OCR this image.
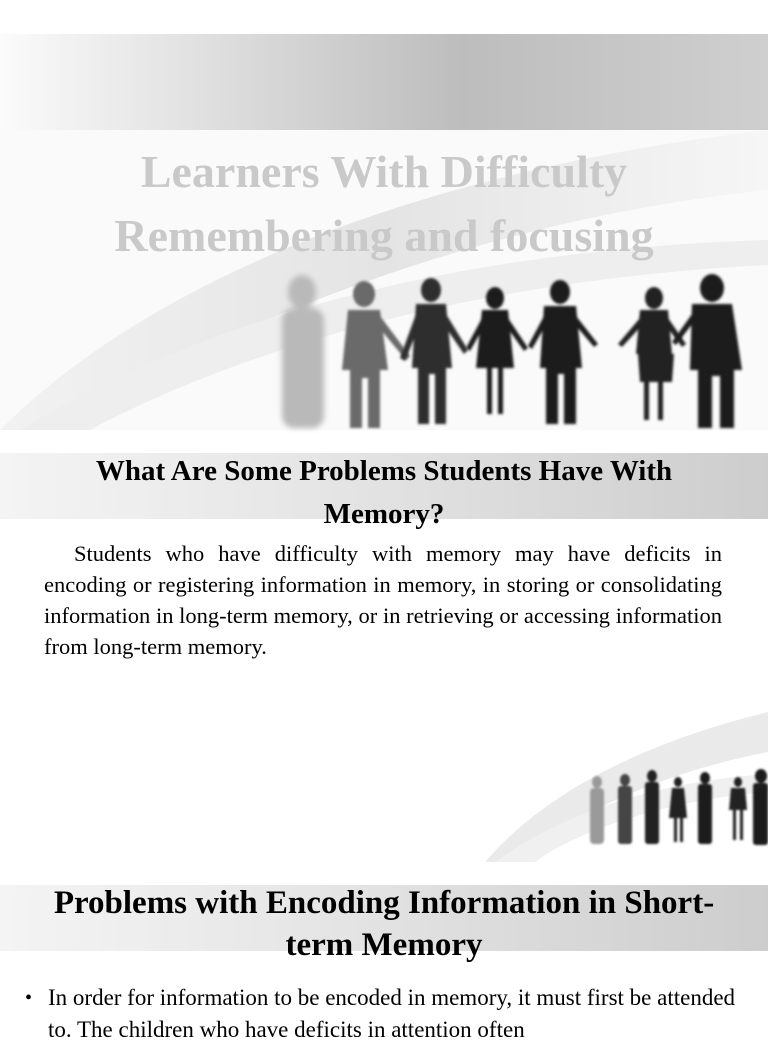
Learners With Difficulty
Remembering and focusing
What Are Some Problems Students Have With Memory?
Students who have difficulty with memory may have deficits in encoding or registering information in memory, in storing or consolidating information in long-term memory, or in retrieving or accessing information from long-term memory.
Problems with Encoding Information in Short-term Memory
• In order for information to be encoded in memory, it must first be attended to. The children who have deficits in attention often
